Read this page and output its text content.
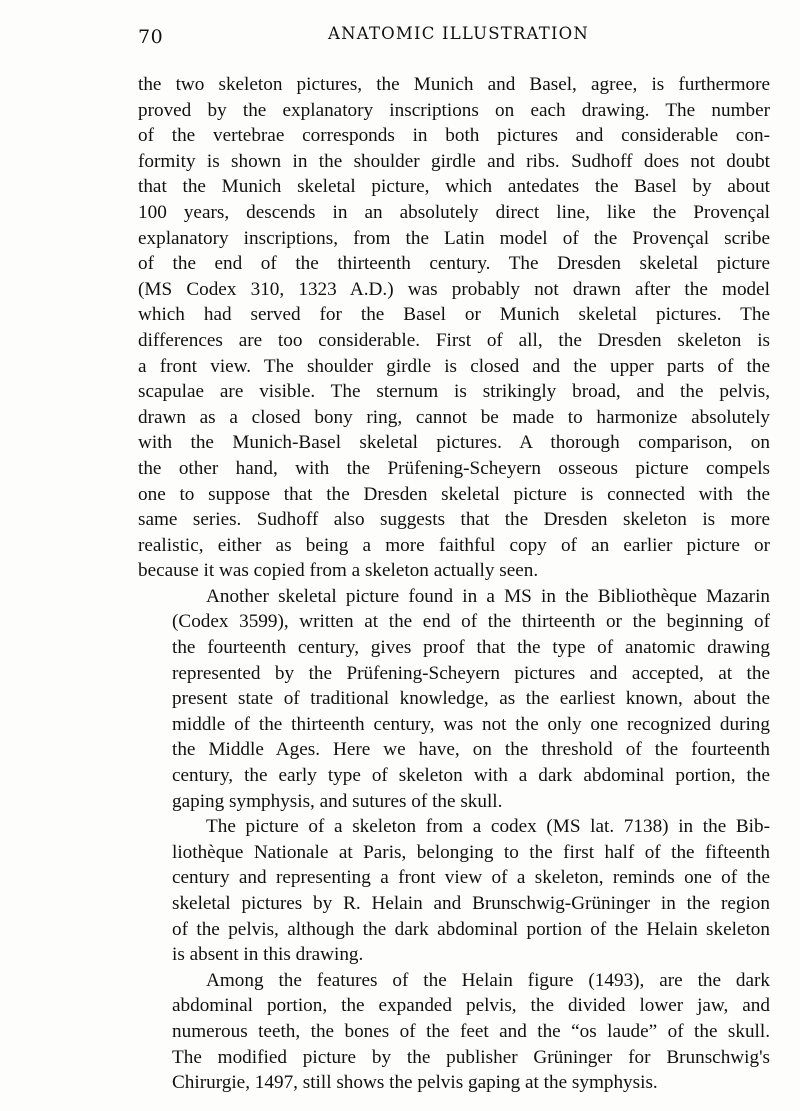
70	ANATOMIC ILLUSTRATION

the two skeleton pictures, the Munich and Basel, agree, is furthermore
proved by the explanatory inscriptions on each drawing. The number
of the vertebrae corresponds in both pictures and considerable con-
formity is shown in the shoulder girdle and ribs. Sudhoff does not doubt
that the Munich skeletal picture, which antedates the Basel by about
100 years, descends in an absolutely direct line, like the Provençal
explanatory inscriptions, from the Latin model of the Provençal scribe
of the end of the thirteenth century. The Dresden skeletal picture
(MS Codex 310, 1323 A.D.) was probably not drawn after the model
which had served for the Basel or Munich skeletal pictures. The
differences are too considerable. First of all, the Dresden skeleton is
a front view. The shoulder girdle is closed and the upper parts of the
scapulae are visible. The sternum is strikingly broad, and the pelvis,
drawn as a closed bony ring, cannot be made to harmonize absolutely
with the Munich-Basel skeletal pictures. A thorough comparison, on
the other hand, with the Prüfening-Scheyern osseous picture compels
one to suppose that the Dresden skeletal picture is connected with the
same series. Sudhoff also suggests that the Dresden skeleton is more
realistic, either as being a more faithful copy of an earlier picture or
because it was copied from a skeleton actually seen.

Another skeletal picture found in a MS in the Bibliothèque Mazarin
(Codex 3599), written at the end of the thirteenth or the beginning of
the fourteenth century, gives proof that the type of anatomic drawing
represented by the Prüfening-Scheyern pictures and accepted, at the
present state of traditional knowledge, as the earliest known, about the
middle of the thirteenth century, was not the only one recognized during
the Middle Ages. Here we have, on the threshold of the fourteenth
century, the early type of skeleton with a dark abdominal portion, the
gaping symphysis, and sutures of the skull.

The picture of a skeleton from a codex (MS lat. 7138) in the Bib-
liothèque Nationale at Paris, belonging to the first half of the fifteenth
century and representing a front view of a skeleton, reminds one of the
skeletal pictures by R. Helain and Brunschwig-Grüninger in the region
of the pelvis, although the dark abdominal portion of the Helain skeleton
is absent in this drawing.

Among the features of the Helain figure (1493), are the dark
abdominal portion, the expanded pelvis, the divided lower jaw, and
numerous teeth, the bones of the feet and the “os laude” of the skull.
The modified picture by the publisher Grüninger for Brunschwig's
Chirurgie, 1497, still shows the pelvis gaping at the symphysis.
